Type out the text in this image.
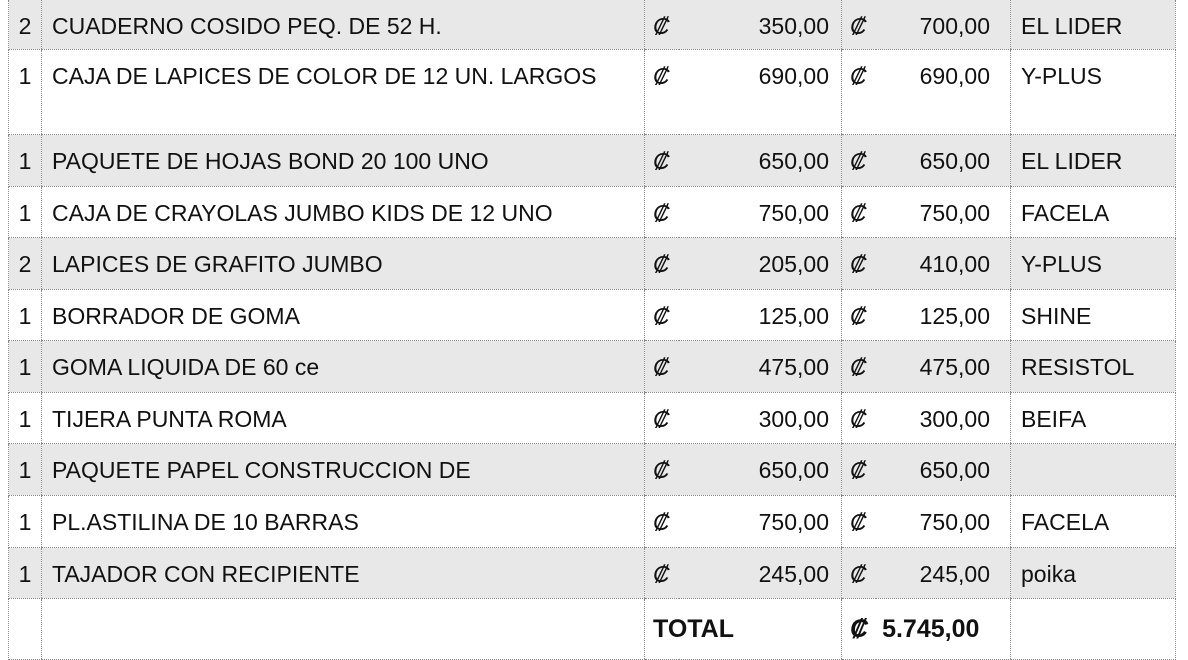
2	CUADERNO COSIDO PEQ. DE 52 H.	₡	350,00	₡	700,00	EL LIDER

1	CAJA DE LAPICES DE COLOR DE 12 UN. LARGOS	₡	690,00	₡	690,00	Y-PLUS

1	PAQUETE DE HOJAS BOND 20 100 UNO	₡	650,00	₡	650,00	EL LIDER

1	CAJA DE CRAYOLAS JUMBO KIDS DE 12 UNO	₡	750,00	₡	750,00	FACELA

2	LAPICES DE GRAFITO JUMBO	₡	205,00	₡	410,00	Y-PLUS

1	BORRADOR DE GOMA	₡	125,00	₡	125,00	SHINE

1	GOMA LIQUIDA DE 60 ce	₡	475,00	₡	475,00	RESISTOL

1	TIJERA PUNTA ROMA	₡	300,00	₡	300,00	BEIFA

1	PAQUETE PAPEL CONSTRUCCION DE	₡	650,00	₡	650,00	

1	PL.ASTILINA DE 10 BARRAS	₡	750,00	₡	750,00	FACELA

1	TAJADOR CON RECIPIENTE	₡	245,00	₡	245,00	poika

		TOTAL		₡ 5.745,00		
